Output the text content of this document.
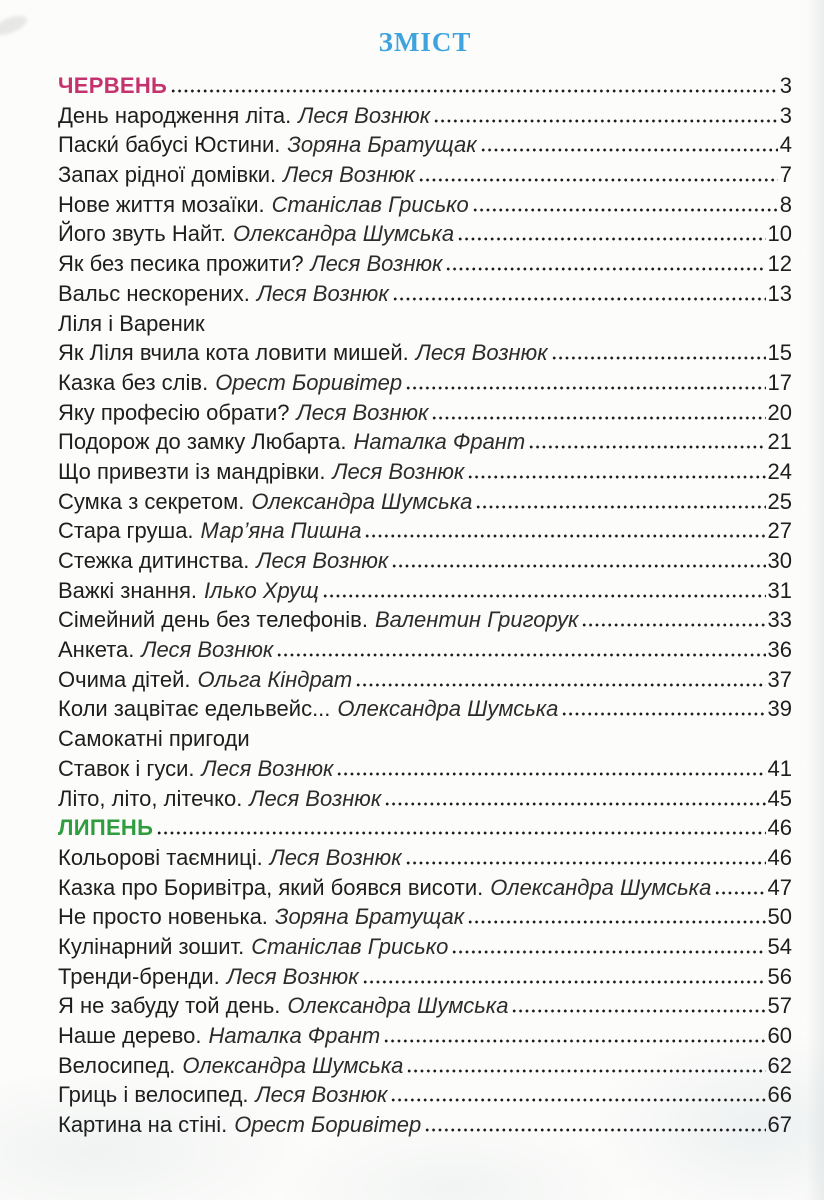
ЗМІСТ
ЧЕРВЕНЬ	3
День народження літа. Леся Вознюк	3
Паски́ бабусі Юстини. Зоряна Братущак	4
Запах рідної домівки. Леся Вознюк	7
Нове життя мозаїки. Станіслав Грисько	8
Його звуть Найт. Олександра Шумська	10
Як без песика прожити? Леся Вознюк	12
Вальс нескорених. Леся Вознюк	13
Ліля і Вареник
Як Ліля вчила кота ловити мишей. Леся Вознюк	15
Казка без слів. Орест Боривітер	17
Яку професію обрати? Леся Вознюк	20
Подорож до замку Любарта. Наталка Франт	21
Що привезти із мандрівки. Леся Вознюк	24
Сумка з секретом. Олександра Шумська	25
Стара груша. Мар’яна Пишна	27
Стежка дитинства. Леся Вознюк	30
Важкі знання. Ілько Хрущ	31
Сімейний день без телефонів. Валентин Григорук	33
Анкета. Леся Вознюк	36
Очима дітей. Ольга Кіндрат	37
Коли зацвітає едельвейс... Олександра Шумська	39
Самокатні пригоди
Ставок і гуси. Леся Вознюк	41
Літо, літо, літечко. Леся Вознюк	45
ЛИПЕНЬ	46
Кольорові таємниці. Леся Вознюк	46
Казка про Боривітра, який боявся висоти. Олександра Шумська	47
Не просто новенька. Зоряна Братущак	50
Кулінарний зошит. Станіслав Грисько	54
Тренди-бренди. Леся Вознюк	56
Я не забуду той день. Олександра Шумська	57
Наше дерево. Наталка Франт	60
Велосипед. Олександра Шумська	62
Гриць і велосипед. Леся Вознюк	66
Картина на стіні. Орест Боривітер	67
